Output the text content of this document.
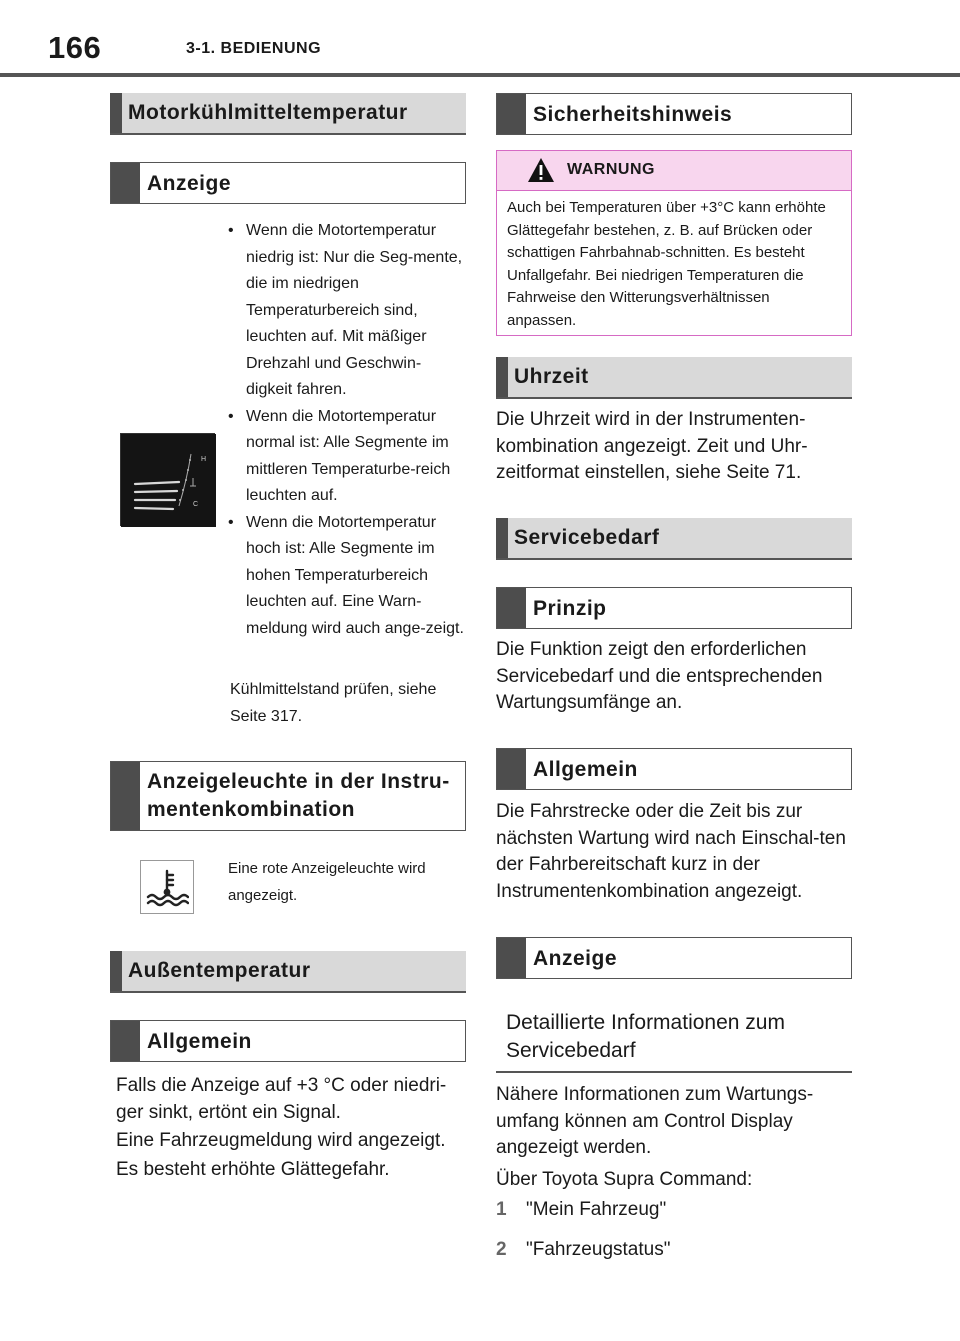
166	3-1. BEDIENUNG
Motorkühlmitteltemperatur
Anzeige
H
C
• Wenn die Motortemperatur niedrig ist: Nur die Seg-mente, die im niedrigen Temperaturbereich sind, leuchten auf. Mit mäßiger Drehzahl und Geschwin-digkeit fahren.
• Wenn die Motortemperatur normal ist: Alle Segmente im mittleren Temperaturbe-reich leuchten auf.
• Wenn die Motortemperatur hoch ist: Alle Segmente im hohen Temperaturbereich leuchten auf. Eine Warn-meldung wird auch ange-zeigt.
Kühlmittelstand prüfen, siehe Seite 317.
Anzeigeleuchte in der Instru-mentenkombination
Eine rote Anzeigeleuchte wird angezeigt.
Außentemperatur
Allgemein
Falls die Anzeige auf +3 °C oder niedri-ger sinkt, ertönt ein Signal.
Eine Fahrzeugmeldung wird angezeigt.
Es besteht erhöhte Glättegefahr.
Sicherheitshinweis
WARNUNG
Auch bei Temperaturen über +3°C kann erhöhte Glättegefahr bestehen, z. B. auf Brücken oder schattigen Fahrbahnab-schnitten. Es besteht Unfallgefahr. Bei niedrigen Temperaturen die Fahrweise den Witterungsverhältnissen anpassen.
Uhrzeit
Die Uhrzeit wird in der Instrumenten-kombination angezeigt. Zeit und Uhr-zeitformat einstellen, siehe Seite 71.
Servicebedarf
Prinzip
Die Funktion zeigt den erforderlichen Servicebedarf und die entsprechenden Wartungsumfänge an.
Allgemein
Die Fahrstrecke oder die Zeit bis zur nächsten Wartung wird nach Einschal-ten der Fahrbereitschaft kurz in der Instrumentenkombination angezeigt.
Anzeige
Detaillierte Informationen zum Servicebedarf
Nähere Informationen zum Wartungs-umfang können am Control Display angezeigt werden.
Über Toyota Supra Command:
1 "Mein Fahrzeug"
2 "Fahrzeugstatus"
